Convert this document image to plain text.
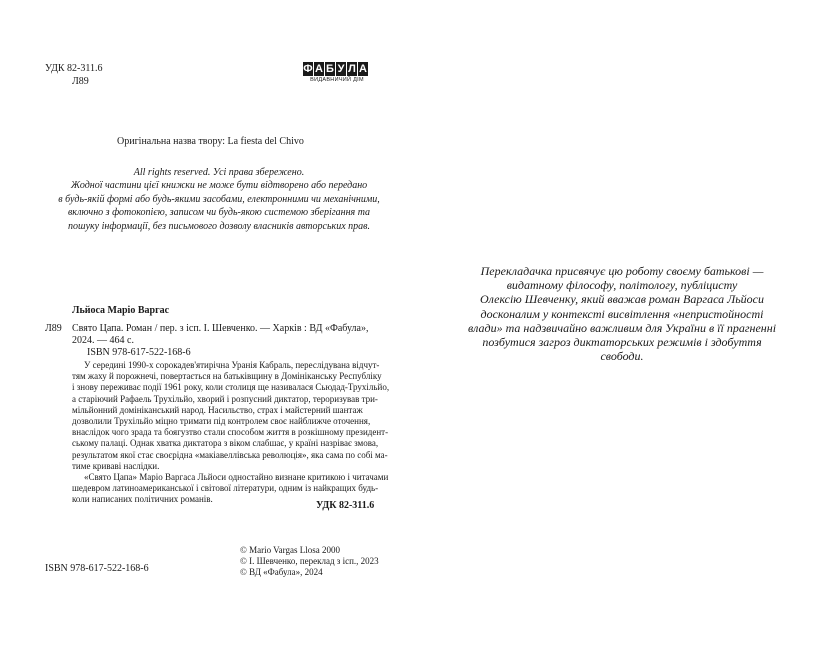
УДК 82-311.6
Л89
Ф А Б У Л А
ВИДАВНИЧИЙ ДІМ
Оригінальна назва твору: La fiesta del Chivo
All rights reserved. Усі права збережено.
Жодної частини цієї книжки не може бути відтворено або передано
в будь-якій формі або будь-якими засобами, електронними чи механічними,
включно з фотокопією, записом чи будь-якою системою зберігання та
пошуку інформації, без письмового дозволу власників авторських прав.
Льйоса Маріо Варгас
Л89 Свято Цапа. Роман / пер. з ісп. І. Шевченко. — Харків : ВД «Фабула»,
2024. — 464 с.
ISBN 978-617-522-168-6
У середині 1990-х сорокадев'ятирічна Уранія Кабраль, переслідувана відчут-
тям жаху й порожнечі, повертається на батьківщину в Домініканську Республіку
і знову переживає події 1961 року, коли столиця ще називалася Сьюдад-Трухільйо,
а старіючий Рафаель Трухільйо, хворий і розпусний диктатор, тероризував три-
мільйонний домініканський народ. Насильство, страх і майстерний шантаж
дозволили Трухільйо міцно тримати під контролем своє найближче оточення,
внаслідок чого зрада та боягузтво стали способом життя в розкішному президент-
ському палаці. Однак хватка диктатора з віком слабшає, у країні назріває змова,
результатом якої стає своєрідна «макіавеллівська революція», яка сама по собі ма-
тиме криваві наслідки.
«Свято Цапа» Маріо Варгаса Льйоси одностайно визнане критикою і читачами
шедевром латиноамериканської і світової літератури, одним із найкращих будь-
коли написаних політичних романів.
УДК 82-311.6
© Mario Vargas Llosa 2000
© І. Шевченко, переклад з ісп., 2023
© ВД «Фабула», 2024
ISBN 978-617-522-168-6
Перекладачка присвячує цю роботу своєму батькові —
видатному філософу, політологу, публіцисту
Олексію Шевченку, який вважав роман Варгаса Льйоси
досконалим у контексті висвітлення «непристойності
влади» та надзвичайно важливим для України в її прагненні
позбутися загроз диктаторських режимів і здобуття
свободи.
